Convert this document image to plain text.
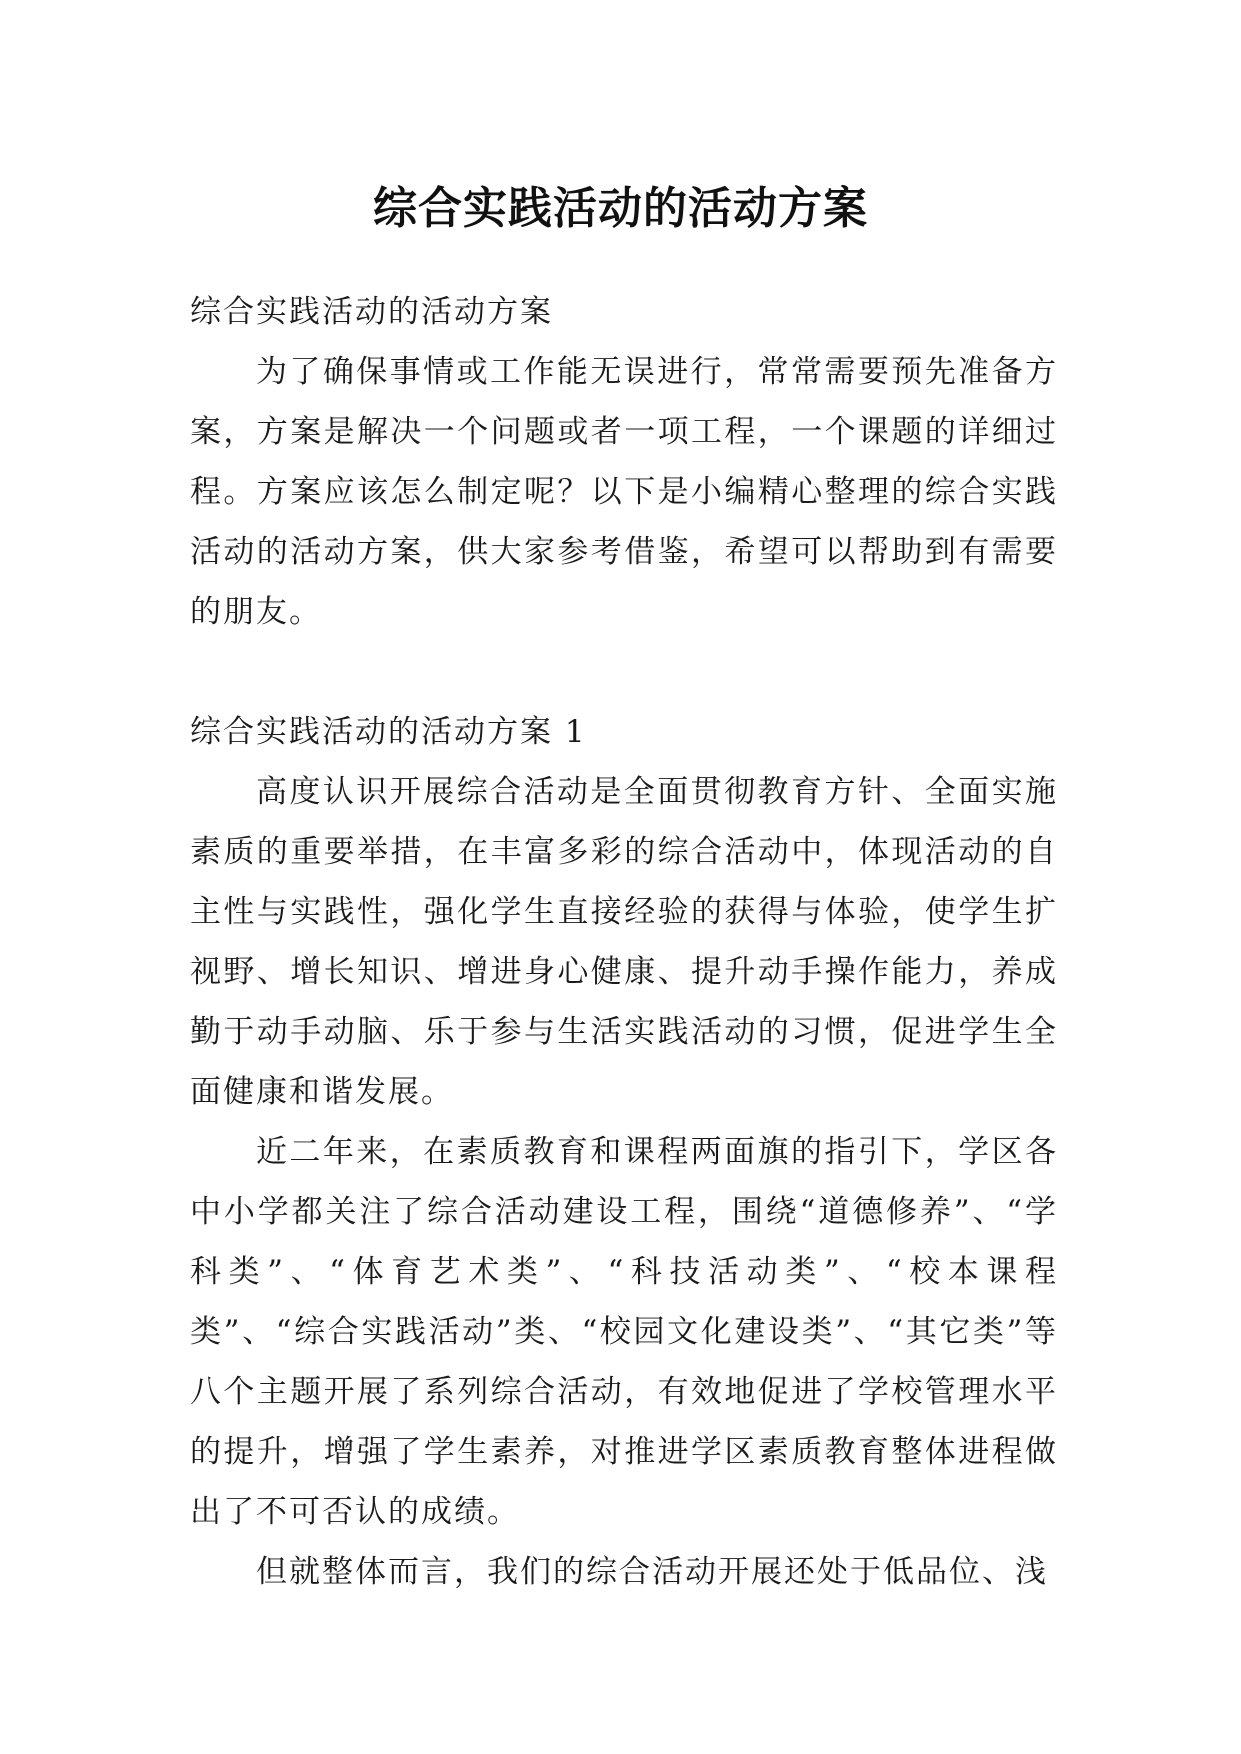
综合实践活动的活动方案

综合实践活动的活动方案

为了确保事情或工作能无误进行，常常需要预先准备方案，方案是解决一个问题或者一项工程，一个课题的详细过程。方案应该怎么制定呢？以下是小编精心整理的综合实践活动的活动方案，供大家参考借鉴，希望可以帮助到有需要的朋友。

综合实践活动的活动方案 1

高度认识开展综合活动是全面贯彻教育方针、全面实施素质的重要举措，在丰富多彩的综合活动中，体现活动的自主性与实践性，强化学生直接经验的获得与体验，使学生扩视野、增长知识、增进身心健康、提升动手操作能力，养成勤于动手动脑、乐于参与生活实践活动的习惯，促进学生全面健康和谐发展。

近二年来，在素质教育和课程两面旗的指引下，学区各中小学都关注了综合活动建设工程，围绕“道德修养”、“学科类”、“体育艺术类”、“科技活动类”、“校本课程类”、“综合实践活动”类、“校园文化建设类”、“其它类”等八个主题开展了系列综合活动，有效地促进了学校管理水平的提升，增强了学生素养，对推进学区素质教育整体进程做出了不可否认的成绩。

但就整体而言，我们的综合活动开展还处于低品位、浅
